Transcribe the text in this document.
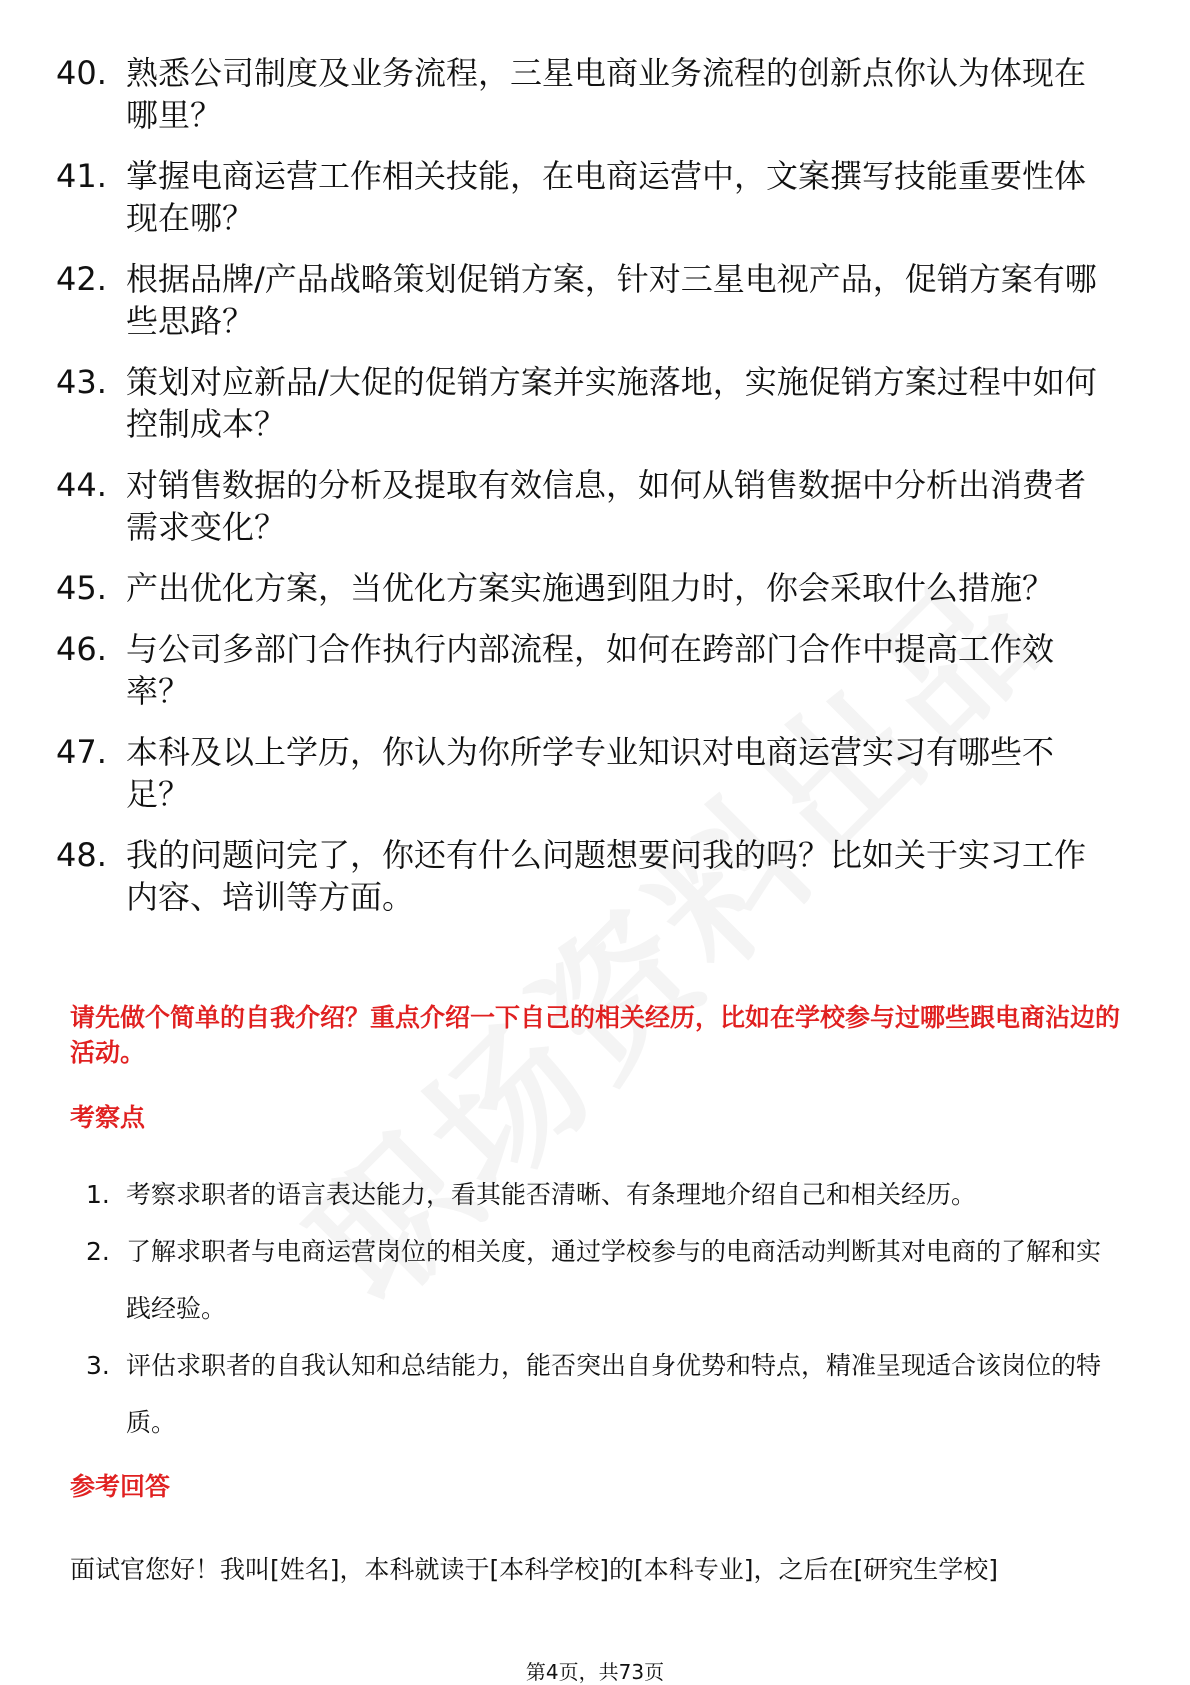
40. 熟悉公司制度及业务流程，三星电商业务流程的创新点你认为体现在哪里？
41. 掌握电商运营工作相关技能，在电商运营中，文案撰写技能重要性体现在哪？
42. 根据品牌/产品战略策划促销方案，针对三星电视产品，促销方案有哪些思路？
43. 策划对应新品/大促的促销方案并实施落地，实施促销方案过程中如何控制成本？
44. 对销售数据的分析及提取有效信息，如何从销售数据中分析出消费者需求变化？
45. 产出优化方案，当优化方案实施遇到阻力时，你会采取什么措施？
46. 与公司多部门合作执行内部流程，如何在跨部门合作中提高工作效率？
47. 本科及以上学历，你认为你所学专业知识对电商运营实习有哪些不足？
48. 我的问题问完了，你还有什么问题想要问我的吗？比如关于实习工作内容、培训等方面。
请先做个简单的自我介绍？重点介绍一下自己的相关经历，比如在学校参与过哪些跟电商沾边的活动。
考察点
1. 考察求职者的语言表达能力，看其能否清晰、有条理地介绍自己和相关经历。
2. 了解求职者与电商运营岗位的相关度，通过学校参与的电商活动判断其对电商的了解和实践经验。
3. 评估求职者的自我认知和总结能力，能否突出自身优势和特点，精准呈现适合该岗位的特质。
参考回答
面试官您好！我叫[姓名]，本科就读于[本科学校]的[本科专业]，之后在[研究生学校]
第4页，共73页
